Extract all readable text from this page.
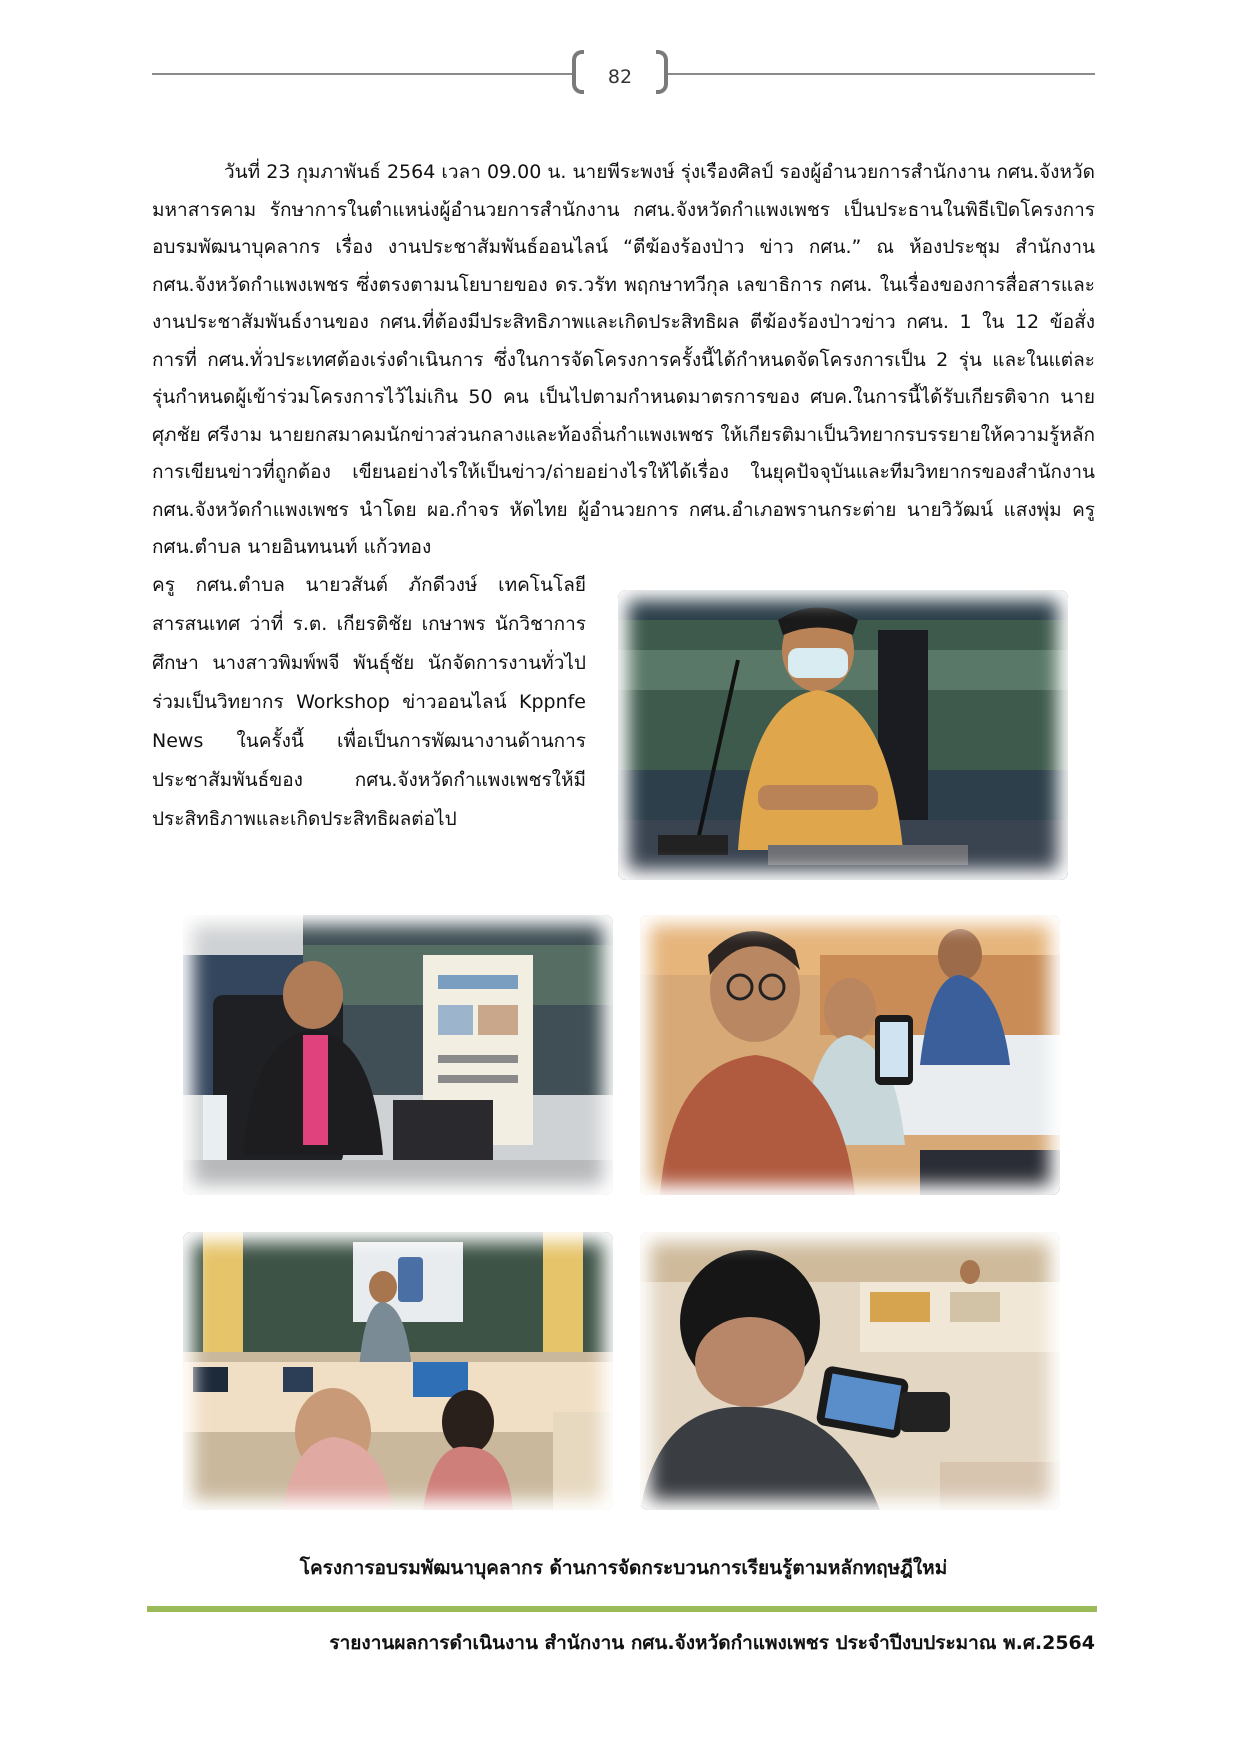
82
วันที่ 23 กุมภาพันธ์ 2564 เวลา 09.00 น. นายพีระพงษ์ รุ่งเรืองศิลป์ รองผู้อำนวยการสำนักงาน กศน.จังหวัดมหาสารคาม รักษาการในตำแหน่งผู้อำนวยการสำนักงาน กศน.จังหวัดกำแพงเพชร เป็นประธานในพิธีเปิดโครงการอบรมพัฒนาบุคลากร เรื่อง งานประชาสัมพันธ์ออนไลน์ “ตีฆ้องร้องป่าว ข่าว กศน.” ณ ห้องประชุม สำนักงาน กศน.จังหวัดกำแพงเพชร ซึ่งตรงตามนโยบายของ ดร.วรัท พฤกษาทวีกุล เลขาธิการ กศน. ในเรื่องของการสื่อสารและงานประชาสัมพันธ์งานของ กศน.ที่ต้องมีประสิทธิภาพและเกิดประสิทธิผล ตีฆ้องร้องป่าวข่าว กศน. 1 ใน 12 ข้อสั่งการที่ กศน.ทั่วประเทศต้องเร่งดำเนินการ ซึ่งในการจัดโครงการครั้งนี้ได้กำหนดจัดโครงการเป็น 2 รุ่น และในแต่ละรุ่นกำหนดผู้เข้าร่วมโครงการไว้ไม่เกิน 50 คน เป็นไปตามกำหนดมาตรการของ ศบค.ในการนี้ได้รับเกียรติจาก นายศุภชัย ศรีงาม นายยกสมาคมนักข่าวส่วนกลางและท้องถิ่นกำแพงเพชร ให้เกียรติมาเป็นวิทยากรบรรยายให้ความรู้หลักการเขียนข่าวที่ถูกต้อง เขียนอย่างไรให้เป็นข่าว/ถ่ายอย่างไรให้ได้เรื่อง ในยุคปัจจุบันและทีมวิทยากรของสำนักงาน กศน.จังหวัดกำแพงเพชร นำโดย ผอ.กำจร หัดไทย ผู้อำนวยการ กศน.อำเภอพรานกระต่าย นายวิวัฒน์ แสงพุ่ม ครู กศน.ตำบล นายอินทนนท์ แก้วทอง
ครู กศน.ตำบล นายวสันต์ ภักดีวงษ์ เทคโนโลยีสารสนเทศ ว่าที่ ร.ต. เกียรติชัย เกษาพร นักวิชาการศึกษา นางสาวพิมพ์พจี พันธุ์ชัย นักจัดการงานทั่วไป ร่วมเป็นวิทยากร Workshop ข่าวออนไลน์ Kppnfe News ในครั้งนี้ เพื่อเป็นการพัฒนางานด้านการประชาสัมพันธ์ของ กศน.จังหวัดกำแพงเพชรให้มีประสิทธิภาพและเกิดประสิทธิผลต่อไป
โครงการอบรมพัฒนาบุคลากร ด้านการจัดกระบวนการเรียนรู้ตามหลักทฤษฎีใหม่
รายงานผลการดำเนินงาน สำนักงาน กศน.จังหวัดกำแพงเพชร ประจำปีงบประมาณ พ.ศ.2564
